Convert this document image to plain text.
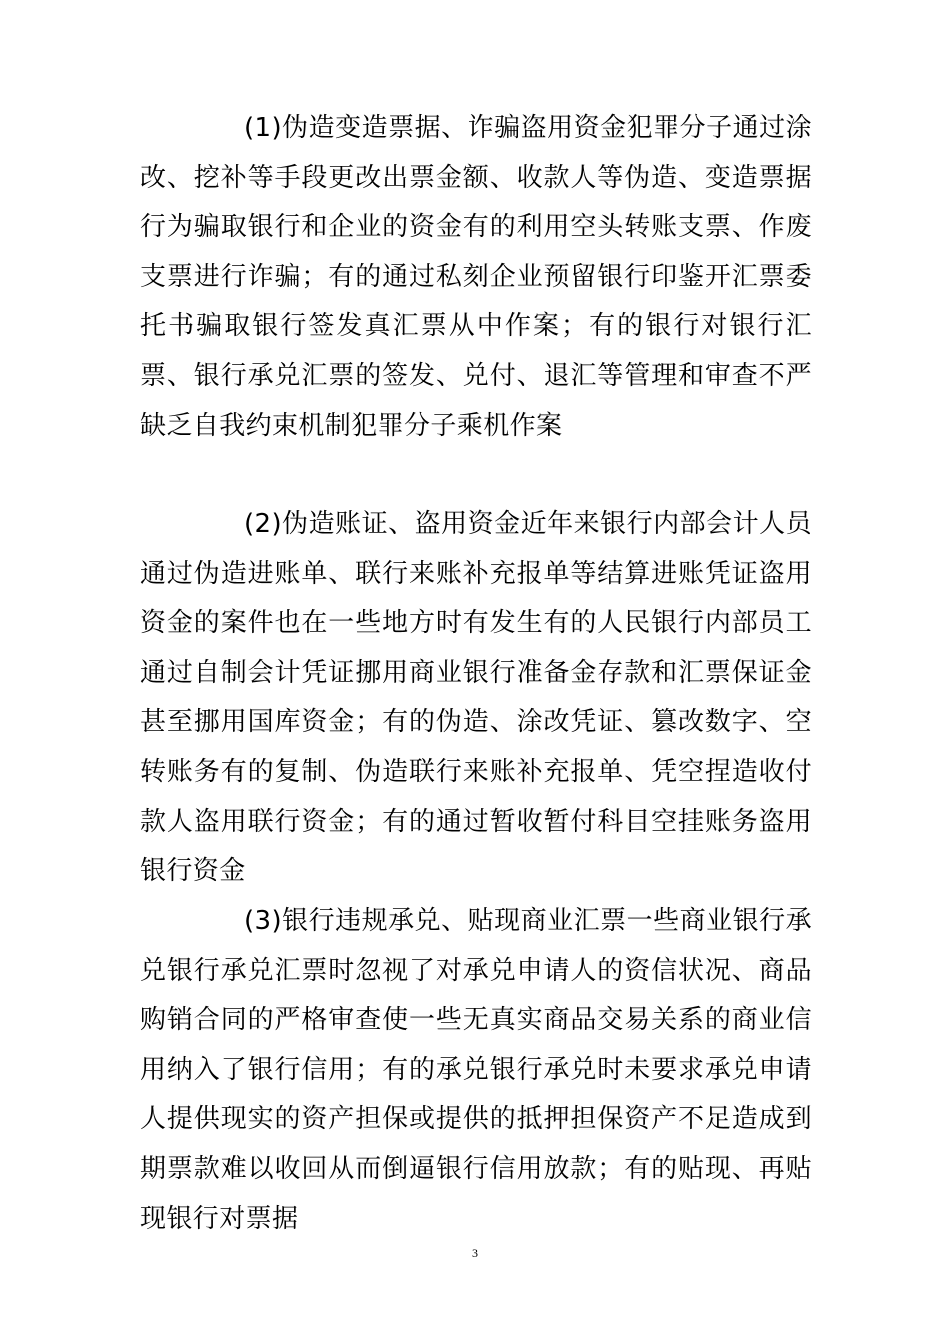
(1)伪造变造票据、诈骗盗用资金犯罪分子通过涂改、挖补等手段更改出票金额、收款人等伪造、变造票据行为骗取银行和企业的资金有的利用空头转账支票、作废支票进行诈骗；有的通过私刻企业预留银行印鉴开汇票委托书骗取银行签发真汇票从中作案；有的银行对银行汇票、银行承兑汇票的签发、兑付、退汇等管理和审查不严缺乏自我约束机制犯罪分子乘机作案

(2)伪造账证、盗用资金近年来银行内部会计人员通过伪造进账单、联行来账补充报单等结算进账凭证盗用资金的案件也在一些地方时有发生有的人民银行内部员工通过自制会计凭证挪用商业银行准备金存款和汇票保证金甚至挪用国库资金；有的伪造、涂改凭证、篡改数字、空转账务有的复制、伪造联行来账补充报单、凭空捏造收付款人盗用联行资金；有的通过暂收暂付科目空挂账务盗用银行资金

(3)银行违规承兑、贴现商业汇票一些商业银行承兑银行承兑汇票时忽视了对承兑申请人的资信状况、商品购销合同的严格审查使一些无真实商品交易关系的商业信用纳入了银行信用；有的承兑银行承兑时未要求承兑申请人提供现实的资产担保或提供的抵押担保资产不足造成到期票款难以收回从而倒逼银行信用放款；有的贴现、再贴现银行对票据

3
